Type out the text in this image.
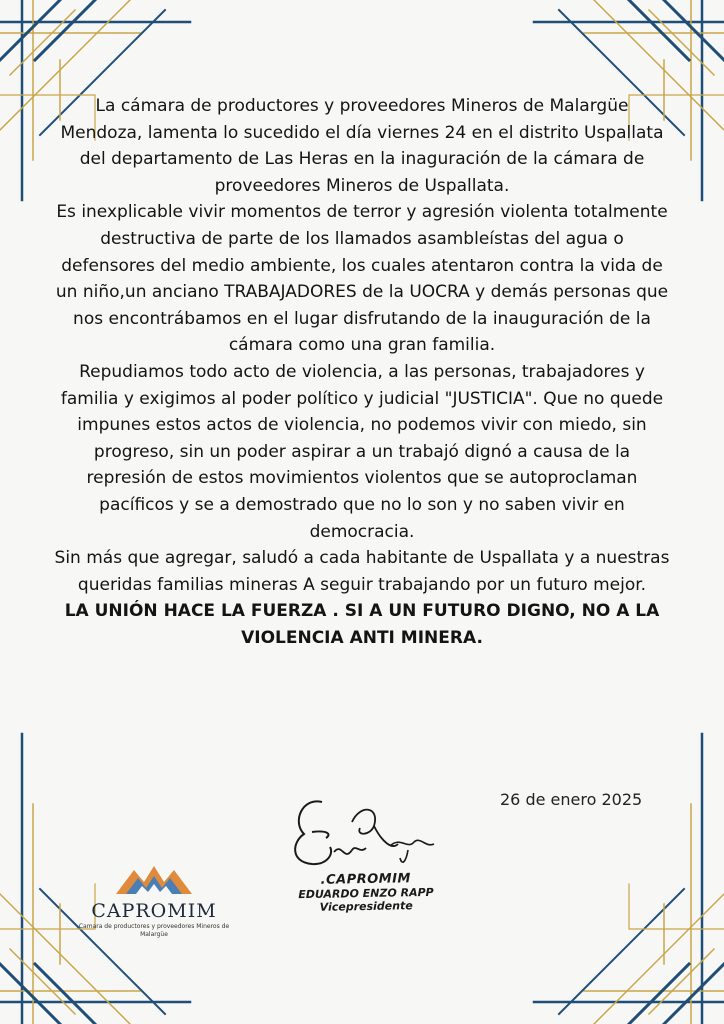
La cámara de productores y proveedores Mineros de Malargüe Mendoza, lamenta lo sucedido el día viernes 24 en el distrito Uspallata del departamento de Las Heras en la inaguración de la cámara de proveedores Mineros de Uspallata.

Es inexplicable vivir momentos de terror y agresión violenta totalmente destructiva de parte de los llamados asambleístas del agua o defensores del medio ambiente, los cuales atentaron contra la vida de un niño,un anciano TRABAJADORES de la UOCRA y demás personas que nos encontrábamos en el lugar disfrutando de la inauguración de la cámara como una gran familia.

Repudiamos todo acto de violencia, a las personas, trabajadores y familia y exigimos al poder político y judicial "JUSTICIA". Que no quede impunes estos actos de violencia, no podemos vivir con miedo, sin progreso, sin un poder aspirar a un trabajó dignó a causa de la represión de estos movimientos violentos que se autoproclaman pacíficos y se a demostrado que no lo son y no saben vivir en democracia.

Sin más que agregar, saludó a cada habitante de Uspallata y a nuestras queridas familias mineras A seguir trabajando por un futuro mejor.

LA UNIÓN HACE LA FUERZA . SI A UN FUTURO DIGNO, NO A LA VIOLENCIA ANTI MINERA.

26 de enero 2025
.CAPROMIM
EDUARDO ENZO RAPP
Vicepresidente
CAPROMIM
Camara de productores y proveedores Mineros de Malargüe
